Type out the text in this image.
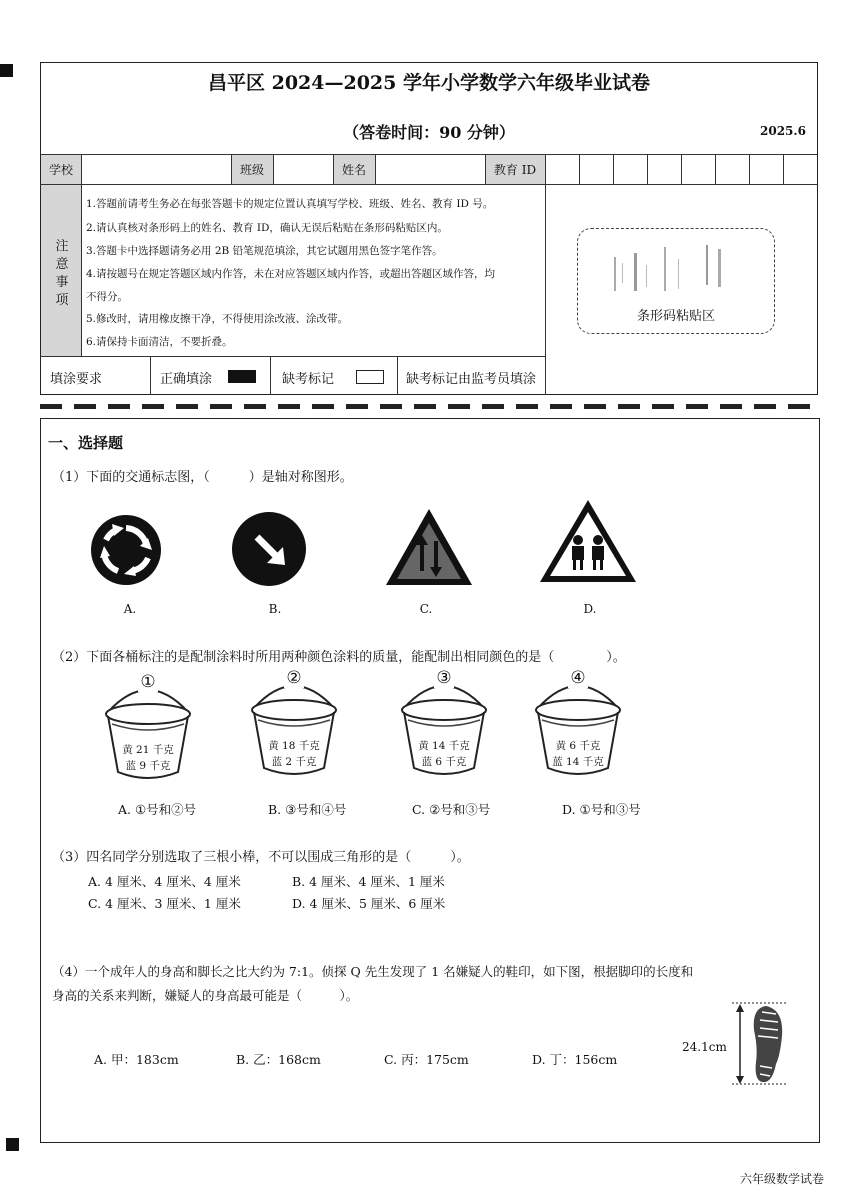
昌平区 2024—2025 学年小学数学六年级毕业试卷
（答卷时间：90 分钟）	2025.6
学校	班级	姓名	教育 ID
注
意
事
项
1.答题前请考生务必在每张答题卡的规定位置认真填写学校、班级、姓名、教育 ID 号。
2.请认真核对条形码上的姓名、教育 ID，确认无误后粘贴在条形码粘贴区内。
3.答题卡中选择题请务必用 2B 铅笔规范填涂，其它试题用黑色签字笔作答。
4.请按题号在规定答题区域内作答，未在对应答题区域内作答，或超出答题区域作答，均
不得分。
5.修改时，请用橡皮擦干净，不得使用涂改液、涂改带。
6.请保持卡面清洁，不要折叠。
条形码粘贴区
填涂要求	正确填涂	缺考标记	缺考标记由监考员填涂
一、选择题
（1）下面的交通标志图，（　　　）是轴对称图形。
A.	B.	C.	D.
（2）下面各桶标注的是配制涂料时所用两种颜色涂料的质量，能配制出相同颜色的是（　　　　）。
①
黄 21 千克
蓝 9 千克
②
黄 18 千克
蓝 2 千克
③
黄 14 千克
蓝 6 千克
④
黄 6 千克
蓝 14 千克
A. ①号和②号	B. ③号和④号	C. ②号和③号	D. ①号和③号
（3）四名同学分别选取了三根小棒，不可以围成三角形的是（　　　）。
A. 4 厘米、4 厘米、4 厘米	B. 4 厘米、4 厘米、1 厘米
C. 4 厘米、3 厘米、1 厘米	D. 4 厘米、5 厘米、6 厘米
（4）一个成年人的身高和脚长之比大约为 7:1。侦探 Q 先生发现了 1 名嫌疑人的鞋印，如下图，根据脚印的长度和
身高的关系来判断，嫌疑人的身高最可能是（　　　）。
A. 甲：183cm	B. 乙：168cm	C. 丙：175cm	D. 丁：156cm
24.1cm
六年级数学试卷
